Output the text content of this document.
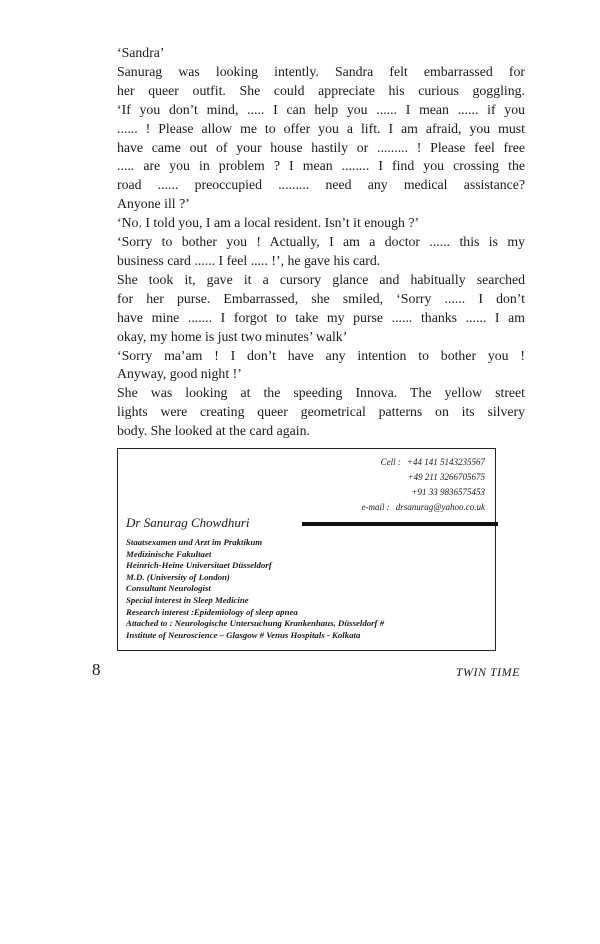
‘Sandra’
Sanurag was looking intently. Sandra felt embarrassed for
her queer outfit. She could appreciate his curious goggling.
‘If you don’t mind, ..... I can help you ...... I mean ...... if you
...... ! Please allow me to offer you a lift. I am afraid, you must
have came out of your house hastily or ......... ! Please feel free
..... are you in problem ? I mean ........ I find you crossing the
road ...... preoccupied ......... need any medical assistance?
Anyone ill ?’
‘No. I told you, I am a local resident. Isn’t it enough ?’
‘Sorry to bother you ! Actually, I am a doctor ...... this is my
business card ...... I feel ..... !’, he gave his card.
She took it, gave it a cursory glance and habitually searched
for her purse. Embarrassed, she smiled, ‘Sorry ...... I don’t
have mine ....... I forgot to take my purse ...... thanks ...... I am
okay, my home is just two minutes’ walk’
‘Sorry ma’am ! I don’t have any intention to bother you !
Anyway, good night !’
She was looking at the speeding Innova. The yellow street
lights were creating queer geometrical patterns on its silvery
body. She looked at the card again.
Cell : +44 141 5143235567
+49 211 3266705675
+91 33 9836575453
e-mail : drsanurag@yahoo.co.uk
Dr Sanurag Chowdhuri
Staatsexamen und Arzt im Praktikum
Medizinische Fakultaet
Heinrich-Heine Universitaet Düsseldorf
M.D. (University of London)
Consultant Neurologist
Special interest in Sleep Medicine
Research interest :Epidemiology of sleep apnea
Attached to : Neurologische Untersuchung Krankenhaus, Düsseldorf #
Institute of Neuroscience – Glasgow # Venus Hospitals - Kolkata
8	TWIN TIME
